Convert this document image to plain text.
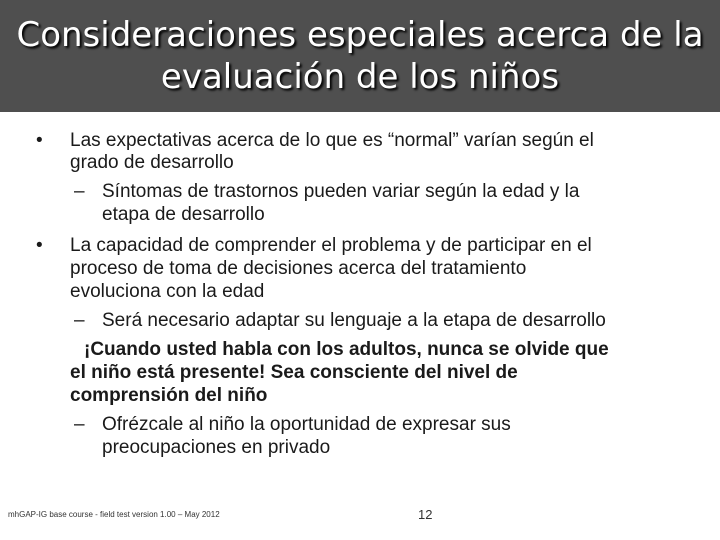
Consideraciones especiales acerca de la
evaluación de los niños
• Las expectativas acerca de lo que es “normal” varían según el
grado de desarrollo
– Síntomas de trastornos pueden variar según la edad y la
etapa de desarrollo
• La capacidad de comprender el problema y de participar en el
proceso de toma de decisiones acerca del tratamiento
evoluciona con la edad
– Será necesario adaptar su lenguaje a la etapa de desarrollo
¡Cuando usted habla con los adultos, nunca se olvide que
el niño está presente! Sea consciente del nivel de
comprensión del niño
– Ofrézcale al niño la oportunidad de expresar sus
preocupaciones en privado
mhGAP-IG base course - field test version 1.00 – May 2012	12
